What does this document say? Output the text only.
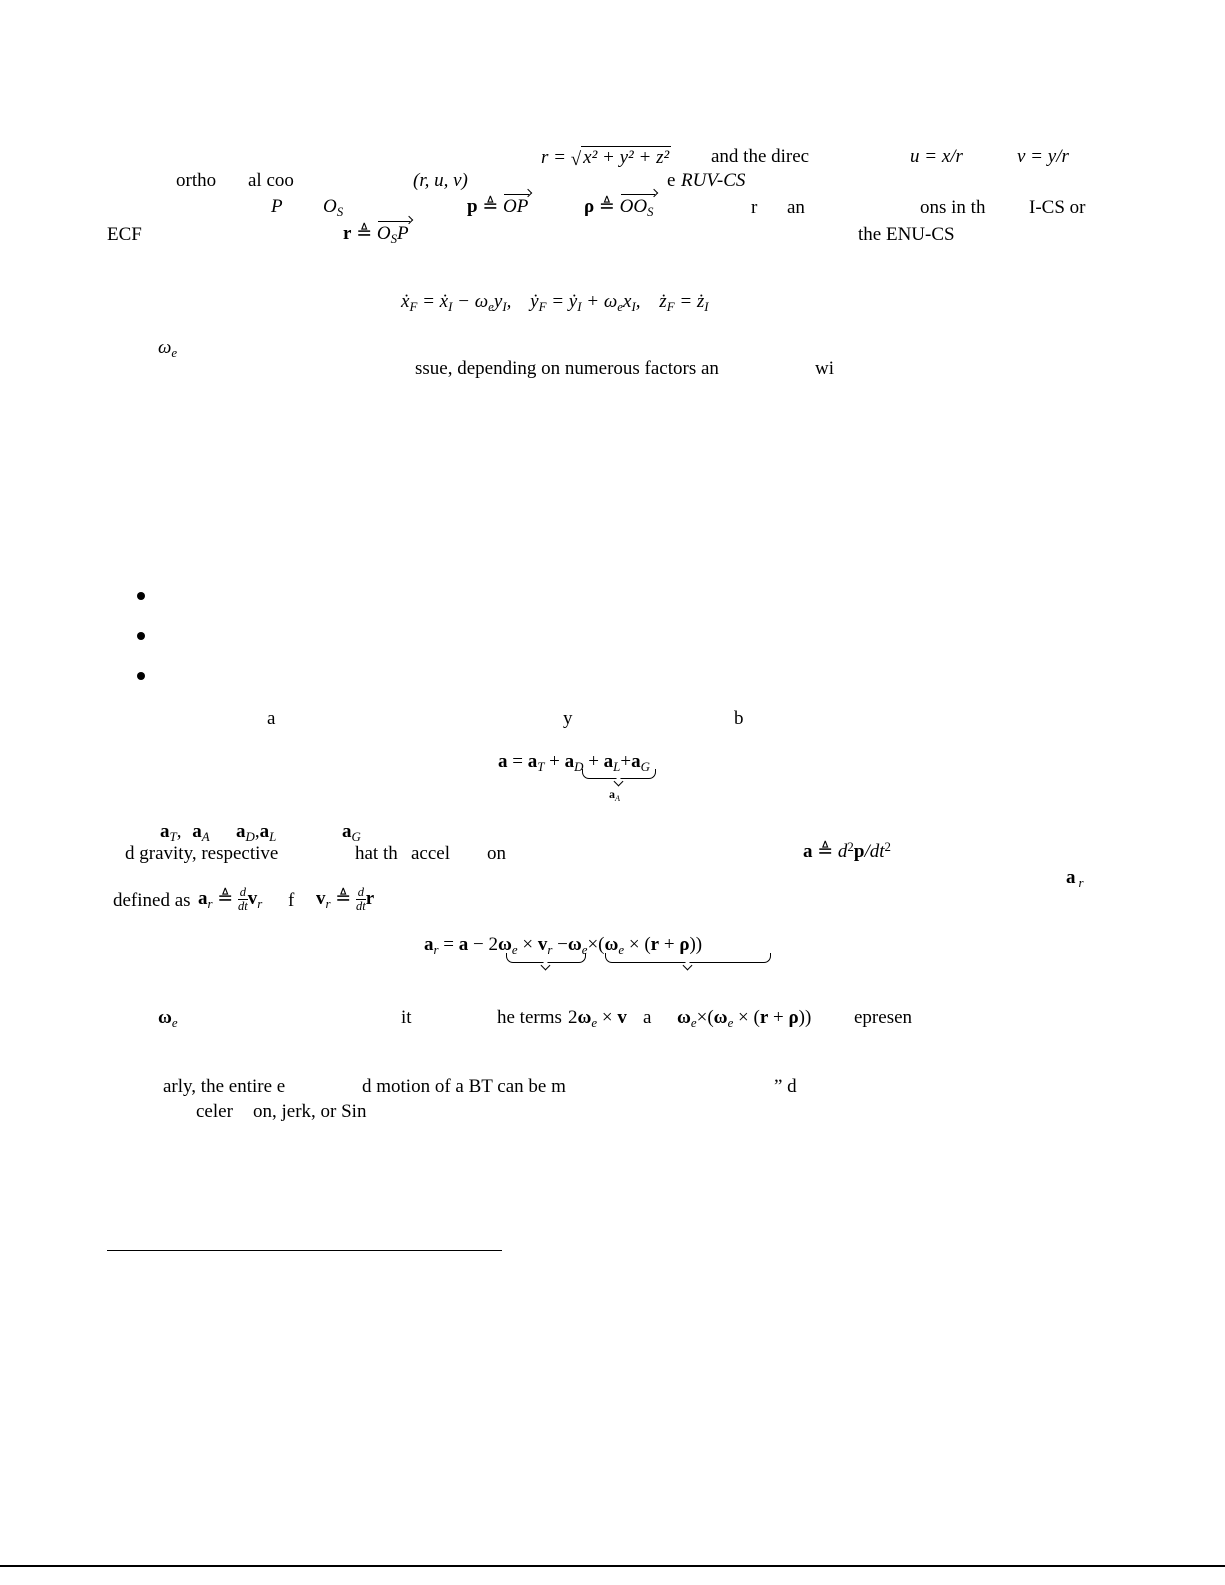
r = √ x² + y² + z² and the direc	u = x/r	v = y/r
ortho al coo	(r, u, v)	e RUV-CS
P $O_S$	p ≜ OP	ρ ≜ $OO_S$	r an	ons in th I-CS or
ECF	r ≜ $O_SP$	the ENU-CS
ẋ$_F$ = ẋ$_I$ − $\omega_ey_I$, ẏ$_F$ = ẏ$_I$ + $\omega_ex_I$, $ż_F$ = $ż_I$
$\omega_e$
ssue, depending on numerous factors an	wi
a	y	b
$a = a_T + a_D + a_L+a_G$
$a_A$
$a_T$, $a_A$ $a_D,a_L$	$a_G$
d gravity, respective	hat th accel on	a ≜ $d^2p/dt^2$
a $_r$
defined as $a_r$ ≜ $\frac{d}{dt} v_r$ f $v_r$ ≜ $\frac{d}{dt}$ r
$a_r = a - 2\omega_e \times v_r -\omega_e\times(\omega_e \times (r + \rho))$
$\omega_e$	it	he terms $2\omega_e \times v$ a $\omega_e\times(\omega_e \times (r + \rho))$ epresen
arly, the entire e	d motion of a BT can be m	” d
celer on, jerk, or Sin
